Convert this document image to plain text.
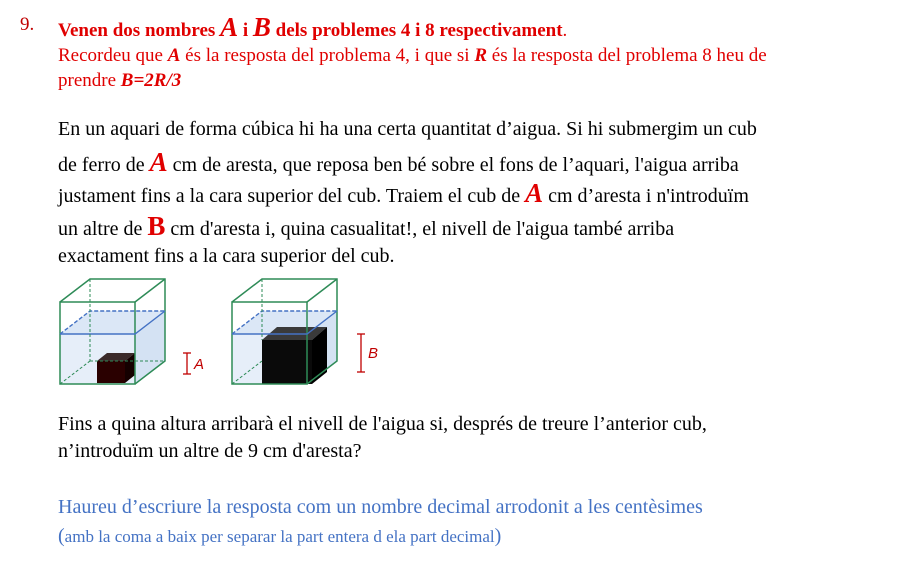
9. Venen dos nombres A i B dels problemes 4 i 8 respectivament.
Recordeu que A és la resposta del problema 4, i que si R és la resposta del problema 8 heu de
prendre B=2R/3
En un aquari de forma cúbica hi ha una certa quantitat d’aigua. Si hi submergim un cub
de ferro de A cm de aresta, que reposa ben bé sobre el fons de l’aquari, l'aigua arriba
justament fins a la cara superior del cub. Traiem el cub de A cm d’aresta i n'introduïm
un altre de B cm d'aresta i, quina casualitat!, el nivell de l'aigua també arriba
exactament fins a la cara superior del cub.
A
B
Fins a quina altura arribarà el nivell de l'aigua si, després de treure l’anterior cub,
n’introduïm un altre de 9 cm d'aresta?
Haureu d’escriure la resposta com un nombre decimal arrodonit a les centèsimes
(amb la coma a baix per separar la part entera d ela part decimal)
